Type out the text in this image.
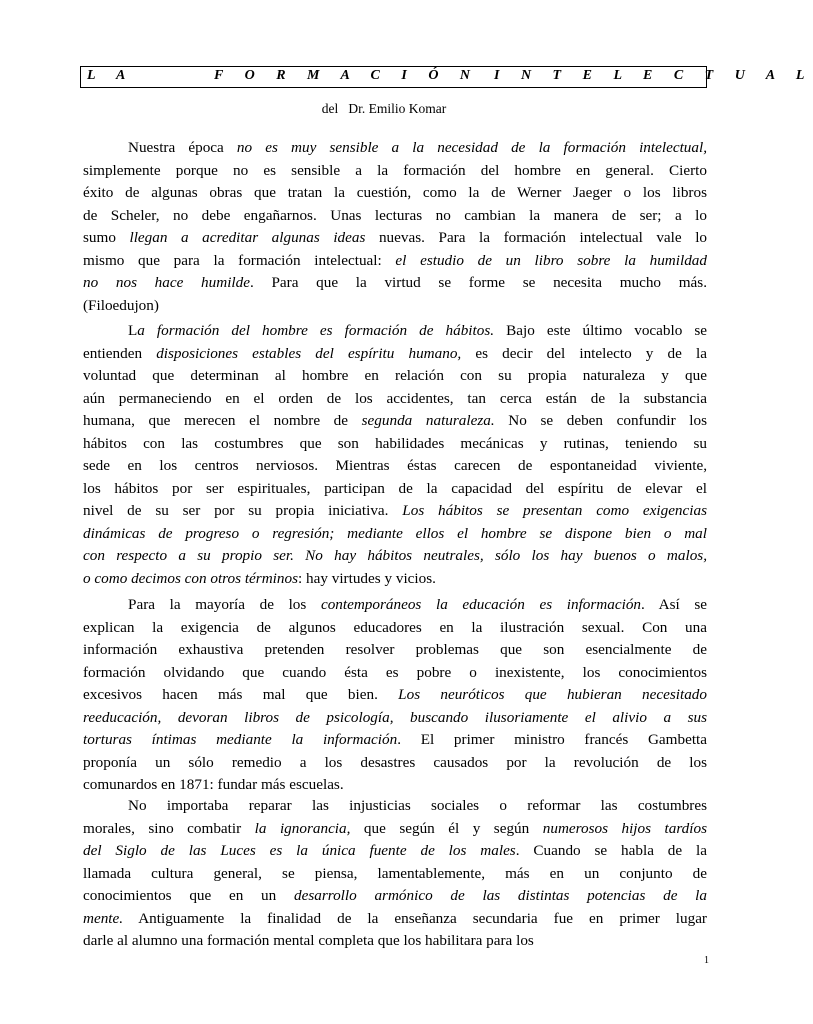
L A	F O R M A C I Ó N I N T E L E C T U A L
del   Dr. Emilio Komar
Nuestra época no es muy sensible a la necesidad de la formación intelectual,
simplemente porque no es sensible a la formación del hombre en general. Cierto
éxito de algunas obras que tratan la cuestión, como la de Werner Jaeger o los libros
de Scheler, no debe engañarnos. Unas lecturas no cambian la manera de ser; a lo
sumo llegan a acreditar algunas ideas nuevas. Para la formación intelectual vale lo
mismo que para la formación intelectual: el estudio de un libro sobre la humildad
no nos hace humilde. Para que la virtud se forme se necesita mucho más.
(Filoedujon)
La formación del hombre es formación de hábitos. Bajo este último vocablo se
entienden disposiciones estables del espíritu humano, es decir del intelecto y de la
voluntad que determinan al hombre en relación con su propia naturaleza y que
aún permaneciendo en el orden de los accidentes, tan cerca están de la substancia
humana, que merecen el nombre de segunda naturaleza. No se deben confundir los
hábitos con las costumbres que son habilidades mecánicas y rutinas, teniendo su
sede en los centros nerviosos. Mientras éstas carecen de espontaneidad viviente,
los hábitos por ser espirituales, participan de la capacidad del espíritu de elevar el
nivel de su ser por su propia iniciativa. Los hábitos se presentan como exigencias
dinámicas de progreso o regresión; mediante ellos el hombre se dispone bien o mal
con respecto a su propio ser. No hay hábitos neutrales, sólo los hay buenos o malos,
o como decimos con otros términos: hay virtudes y vicios.
Para la mayoría de los contemporáneos la educación es información. Así se
explican la exigencia de algunos educadores en la ilustración sexual. Con una
información exhaustiva pretenden resolver problemas que son esencialmente de
formación olvidando que cuando ésta es pobre o inexistente, los conocimientos
excesivos hacen más mal que bien. Los neuróticos que hubieran necesitado
reeducación, devoran libros de psicología, buscando ilusoriamente el alivio a sus
torturas íntimas mediante la información. El primer ministro francés Gambetta
proponía un sólo remedio a los desastres causados por la revolución de los
comunardos en 1871: fundar más escuelas.
No importaba reparar las injusticias sociales o reformar las costumbres
morales, sino combatir la ignorancia, que según él y según numerosos hijos tardíos
del Siglo de las Luces es la única fuente de los males. Cuando se habla de la
llamada cultura general, se piensa, lamentablemente, más en un conjunto de
conocimientos que en un desarrollo armónico de las distintas potencias de la
mente. Antiguamente la finalidad de la enseñanza secundaria fue en primer lugar
darle al alumno una formación mental completa que los habilitara para los
1
